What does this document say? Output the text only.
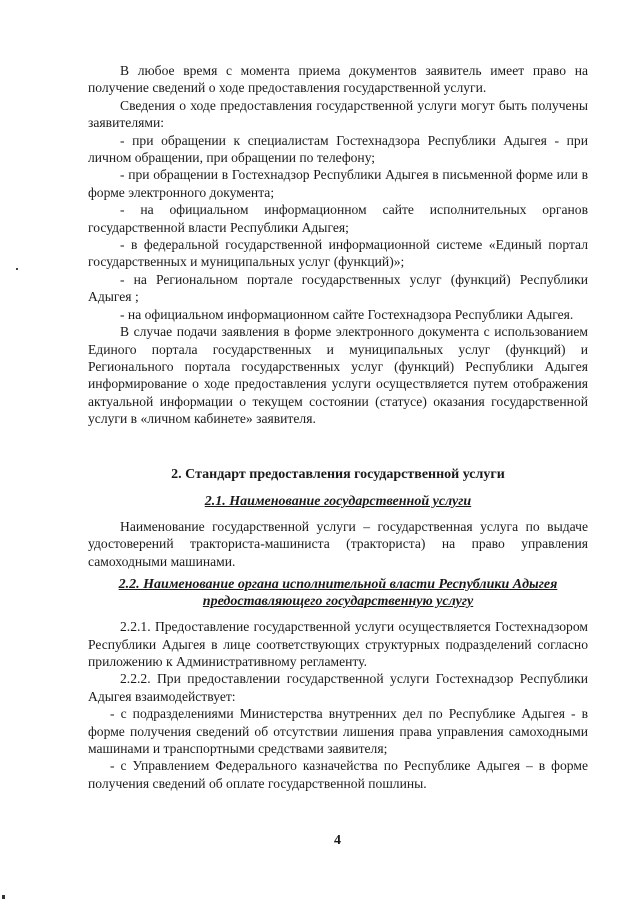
В любое время с момента приема документов заявитель имеет право на получение сведений о ходе предоставления государственной услуги.

Сведения о ходе предоставления государственной услуги могут быть получены заявителями:

- при обращении к специалистам Гостехнадзора Республики Адыгея - при личном обращении, при обращении по телефону;

- при обращении в Гостехнадзор Республики Адыгея в письменной форме или в форме электронного документа;

- на официальном информационном сайте исполнительных органов государственной власти Республики Адыгея;

- в федеральной государственной информационной системе «Единый портал государственных и муниципальных услуг (функций)»;

- на Региональном портале государственных услуг (функций) Республики Адыгея ;

- на официальном информационном сайте Гостехнадзора Республики Адыгея.

В случае подачи заявления в форме электронного документа с использованием Единого портала государственных и муниципальных услуг (функций) и Регионального портала государственных услуг (функций) Республики Адыгея информирование о ходе предоставления услуги осуществляется путем отображения актуальной информации о текущем состоянии (статусе) оказания государственной услуги в «личном кабинете» заявителя.

2. Стандарт предоставления государственной услуги
2.1. Наименование государственной услуги

Наименование государственной услуги – государственная услуга по выдаче удостоверений тракториста-машиниста (тракториста) на право управления самоходными машинами.

2.2. Наименование органа исполнительной власти Республики Адыгея
предоставляющего государственную услугу

2.2.1. Предоставление государственной услуги осуществляется Гостехнадзором Республики Адыгея в лице соответствующих структурных подразделений согласно приложению к Административному регламенту.

2.2.2. При предоставлении государственной услуги Гостехнадзор Республики Адыгея взаимодействует:

- с подразделениями Министерства внутренних дел по Республике Адыгея - в форме получения сведений об отсутствии лишения права управления самоходными машинами и транспортными средствами заявителя;

- с Управлением Федерального казначейства по Республике Адыгея – в форме получения сведений об оплате государственной пошлины.

4
